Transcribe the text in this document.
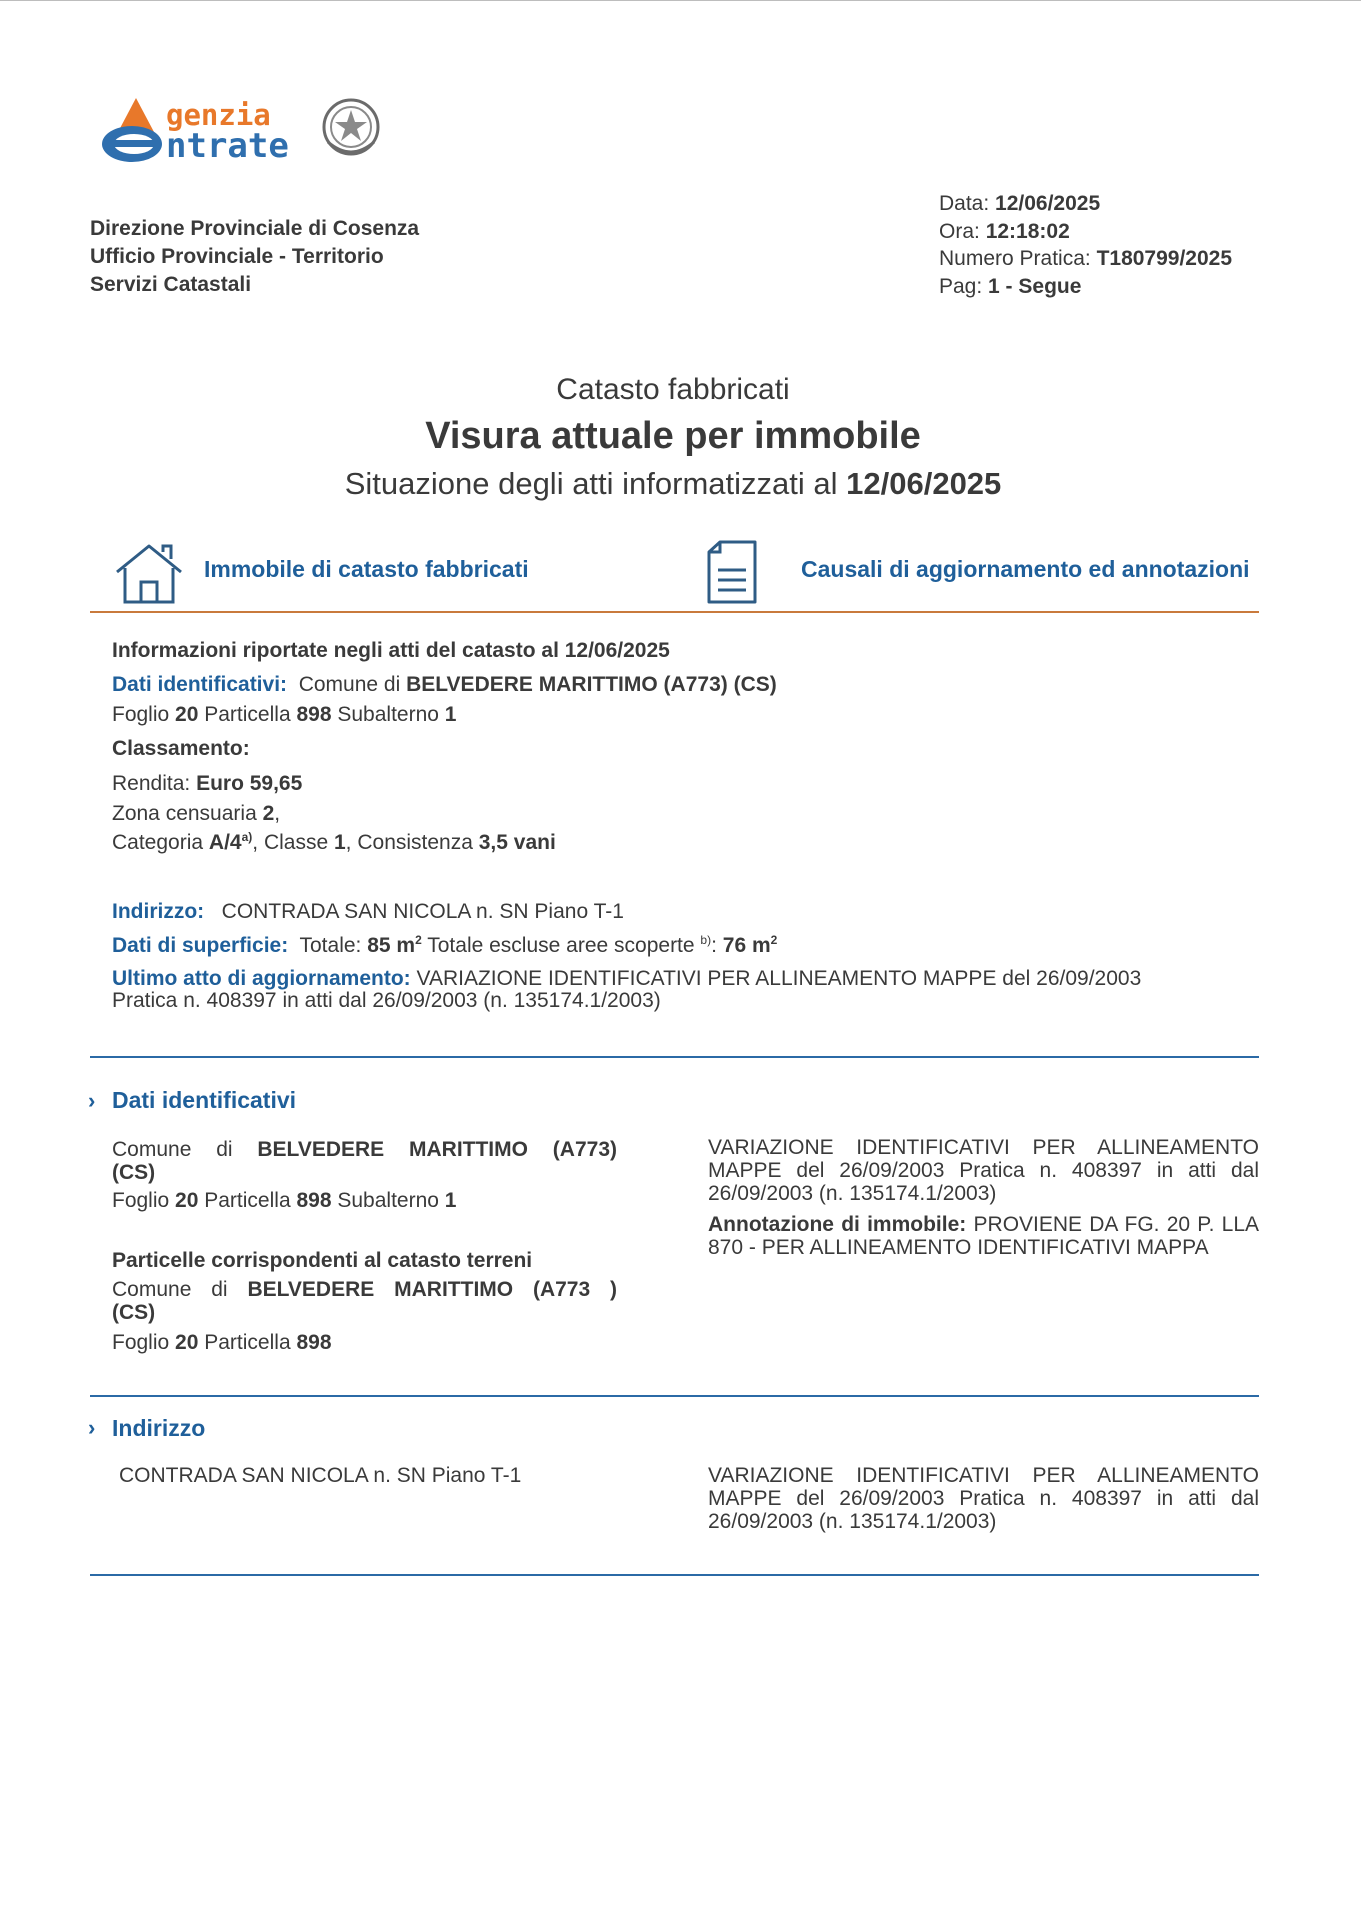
genzia
ntrate
Direzione Provinciale di Cosenza
Ufficio Provinciale - Territorio
Servizi Catastali
Data: 12/06/2025
Ora: 12:18:02
Numero Pratica: T180799/2025
Pag: 1 - Segue
Catasto fabbricati
Visura attuale per immobile
Situazione degli atti informatizzati al 12/06/2025
Immobile di catasto fabbricati	Causali di aggiornamento ed annotazioni
Informazioni riportate negli atti del catasto al 12/06/2025
Dati identificativi: Comune di BELVEDERE MARITTIMO (A773) (CS)
Foglio 20 Particella 898 Subalterno 1
Classamento:
Rendita: Euro 59,65
Zona censuaria 2,
Categoria A/4$^{a)}$, Classe 1, Consistenza 3,5 vani
Indirizzo: CONTRADA SAN NICOLA n. SN Piano T-1
Dati di superficie: Totale: 85 $m^2$ Totale escluse aree scoperte $^{b)}$: 76 $m^2$
Ultimo atto di aggiornamento: VARIAZIONE IDENTIFICATIVI PER ALLINEAMENTO MAPPE del 26/09/2003
Pratica n. 408397 in atti dal 26/09/2003 (n. 135174.1/2003)
› Dati identificativi
Comune di BELVEDERE MARITTIMO (A773)
(CS)
Foglio 20 Particella 898 Subalterno 1
Particelle corrispondenti al catasto terreni
Comune di BELVEDERE MARITTIMO (A773 )
(CS)
Foglio 20 Particella 898
VARIAZIONE IDENTIFICATIVI PER ALLINEAMENTO MAPPE del 26/09/2003 Pratica n. 408397 in atti dal 26/09/2003 (n. 135174.1/2003)
Annotazione di immobile: PROVIENE DA FG. 20 P. LLA 870 - PER ALLINEAMENTO IDENTIFICATIVI MAPPA
› Indirizzo
CONTRADA SAN NICOLA n. SN Piano T-1	VARIAZIONE IDENTIFICATIVI PER ALLINEAMENTO MAPPE del 26/09/2003 Pratica n. 408397 in atti dal 26/09/2003 (n. 135174.1/2003)
